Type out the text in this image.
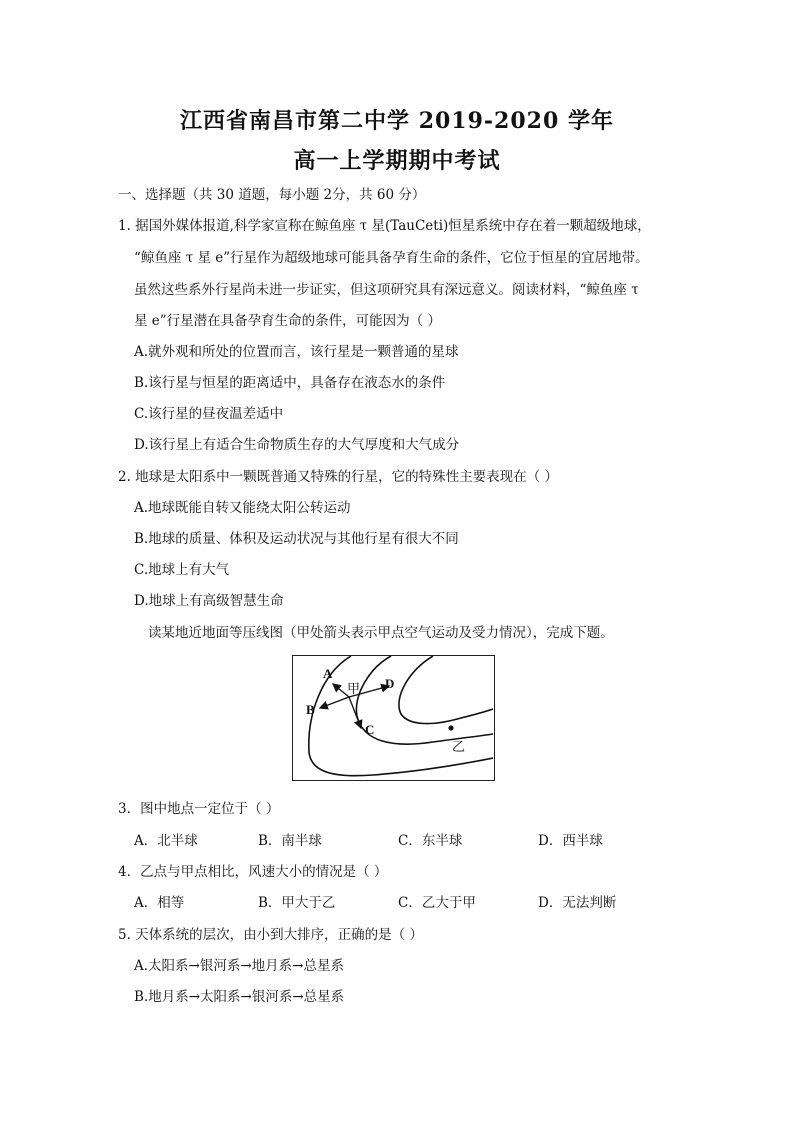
江西省南昌市第二中学 2019-2020 学年
高一上学期期中考试
一、选择题（共 30 道题，每小题 2分，共 60 分）
1. 据国外媒体报道,科学家宣称在鲸鱼座 τ 星(TauCeti)恒星系统中存在着一颗超级地球，
“鲸鱼座 τ 星 e”行星作为超级地球可能具备孕育生命的条件，它位于恒星的宜居地带。
虽然这些系外行星尚未进一步证实，但这项研究具有深远意义。阅读材料，“鲸鱼座 τ
星 e”行星潜在具备孕育生命的条件，可能因为（ ）
A.就外观和所处的位置而言，该行星是一颗普通的星球
B.该行星与恒星的距离适中，具备存在液态水的条件
C.该行星的昼夜温差适中
D.该行星上有适合生命物质生存的大气厚度和大气成分
2. 地球是太阳系中一颗既普通又特殊的行星，它的特殊性主要表现在（ ）
A.地球既能自转又能绕太阳公转运动
B.地球的质量、体积及运动状况与其他行星有很大不同
C.地球上有大气
D.地球上有高级智慧生命
读某地近地面等压线图（甲处箭头表示甲点空气运动及受力情况），完成下题。
A
B
C
D
甲
乙
3．图中地点一定位于（ ）
A．北半球	B．南半球	C．东半球	D．西半球
4．乙点与甲点相比，风速大小的情况是（ ）
A．相等	B．甲大于乙	C．乙大于甲	D．无法判断
5. 天体系统的层次，由小到大排序，正确的是（ ）
A.太阳系→银河系→地月系→总星系
B.地月系→太阳系→银河系→总星系
